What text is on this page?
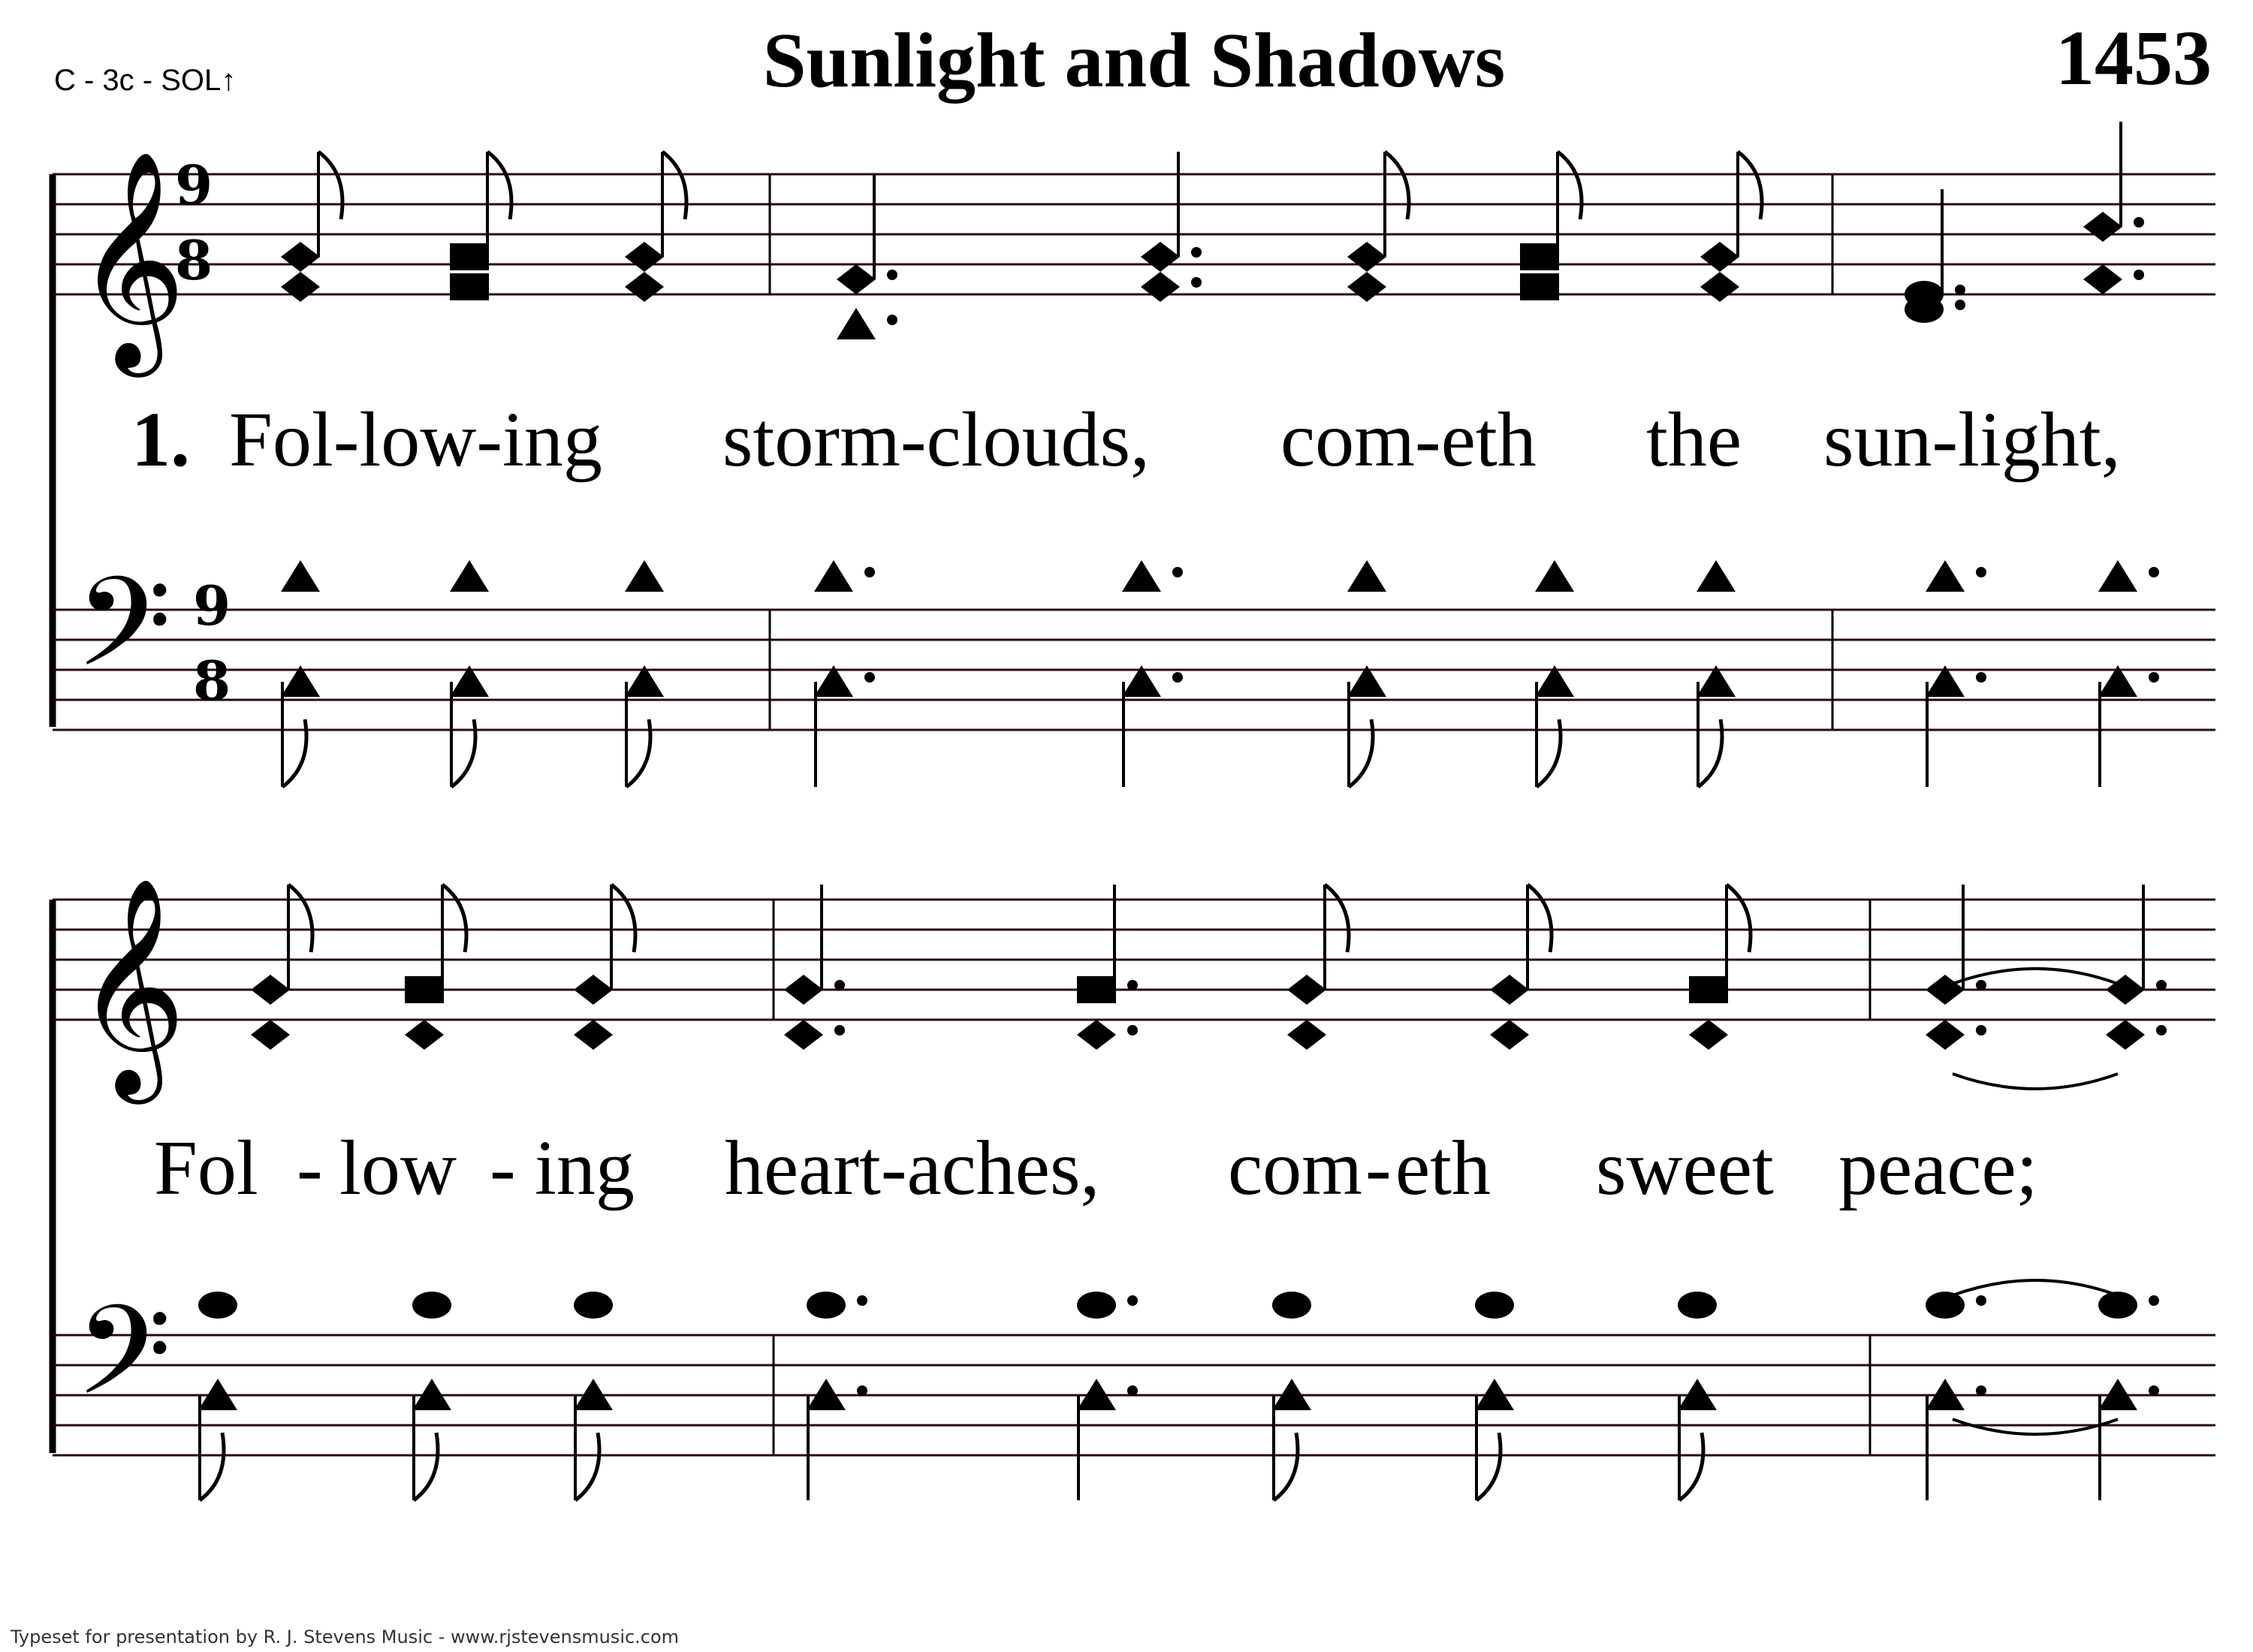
C - 3c - SOL↑	Sunlight and Shadows	1453
𝄞
9
8
1. Fol-low-ing storm-clouds, com-eth the sun-light,
𝄢 9
8
𝄞
Fol - low - ing heart-aches, com - eth sweet peace;
𝄢
Typeset for presentation by R. J. Stevens Music - www.rjstevensmusic.com
